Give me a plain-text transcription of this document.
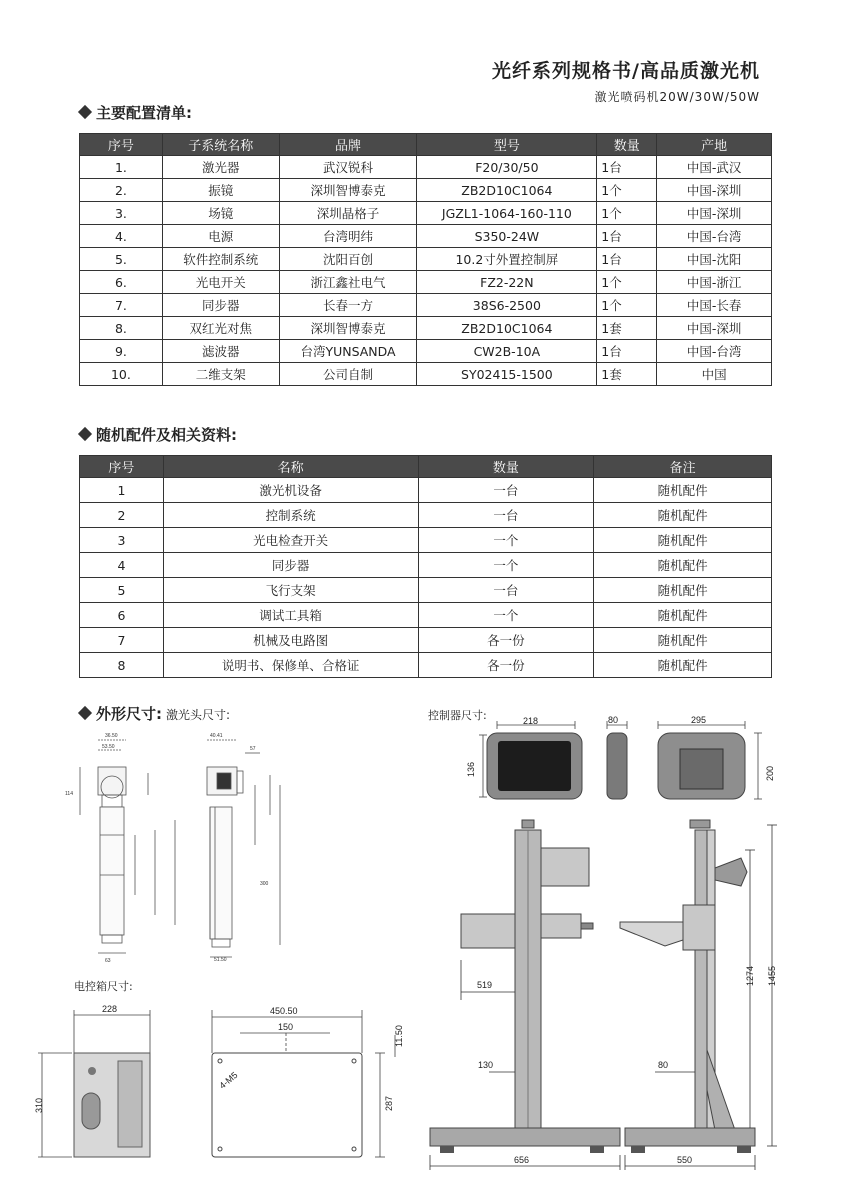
光纤系列规格书/高品质激光机
激光喷码机20W/30W/50W
主要配置清单:
序号	子系统名称	品牌	型号	数量	产地
1.	激光器	武汉锐科	F20/30/50	1台	中国-武汉
2.	振镜	深圳智博泰克	ZB2D10C1064	1个	中国-深圳
3.	场镜	深圳晶格子	JGZL1-1064-160-110	1个	中国-深圳
4.	电源	台湾明纬	S350-24W	1台	中国-台湾
5.	软件控制系统	沈阳百创	10.2寸外置控制屏	1台	中国-沈阳
6.	光电开关	浙江鑫社电气	FZ2-22N	1个	中国-浙江
7.	同步器	长春一方	38S6-2500	1个	中国-长春
8.	双红光对焦	深圳智博泰克	ZB2D10C1064	1套	中国-深圳
9.	滤波器	台湾YUNSANDA	CW2B-10A	1台	中国-台湾
10.	二维支架	公司自制	SY02415-1500	1套	中国
随机配件及相关资料:
序号	名称	数量	备注
1	激光机设备	一台	随机配件
2	控制系统	一台	随机配件
3	光电检查开关	一个	随机配件
4	同步器	一个	随机配件
5	飞行支架	一台	随机配件
6	调试工具箱	一个	随机配件
7	机械及电路图	各一份	随机配件
8	说明书、保修单、合格证	各一份	随机配件
外形尺寸: 激光头尺寸:	控制器尺寸:
电控箱尺寸:
36.50
53.50
114
40.41
57
300
63	51.50
218
136
80	295
200
519
130
656
80
550
1274 1455
228
310
450.50
150
4-M5
287
11.50
